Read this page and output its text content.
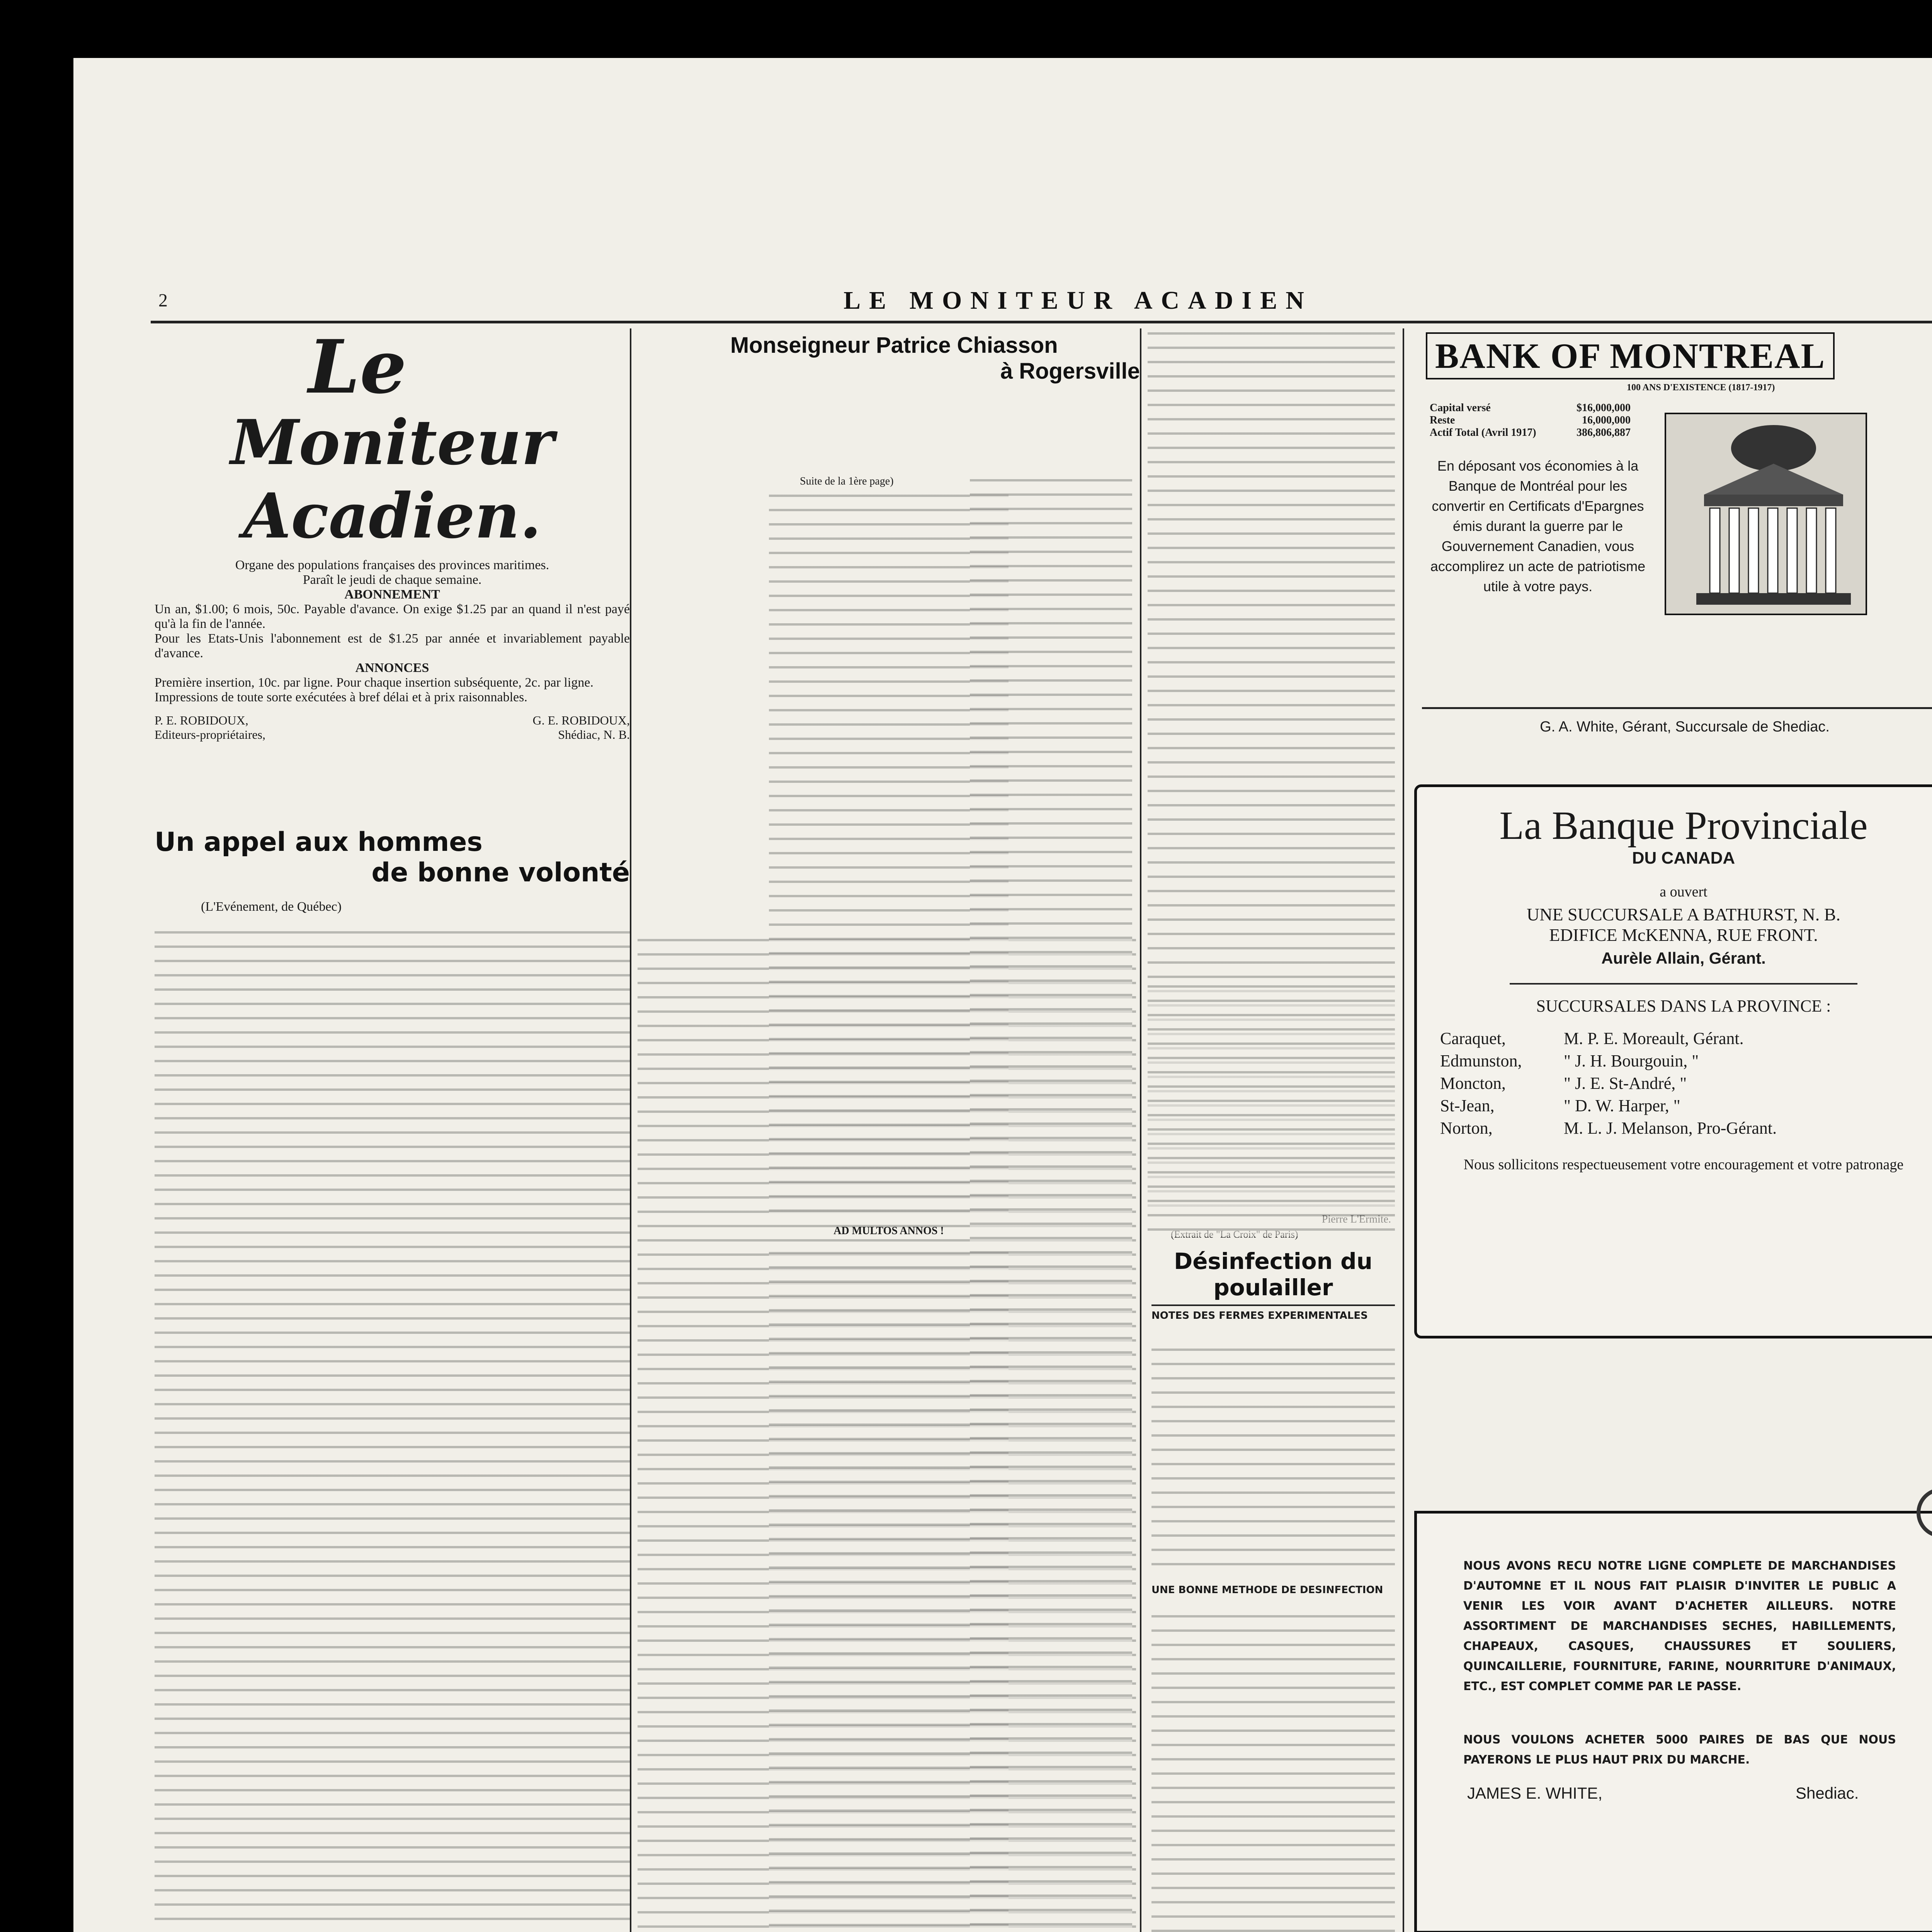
2	LE MONITEUR ACADIEN
Le
Moniteur Acadien.
Organe des populations françaises des provinces maritimes.
Paraît le jeudi de chaque semaine.
ABONNEMENT
Un an, $1.00; 6 mois, 50c. Payable d'avance. On exige $1.25 par an quand il n'est payé qu'à la fin de l'année.
Pour les Etats-Unis l'abonnement est de $1.25 par année et invariablement payable d'avance.
ANNONCES
Première insertion, 10c. par ligne. Pour chaque insertion subséquente, 2c. par ligne.
Impressions de toute sorte exécutées à bref délai et à prix raisonnables.
P. E. ROBIDOUX,	G. E. ROBIDOUX,
Editeurs-propriétaires,	Shédiac, N. B.
Un appel aux hommes
de bonne volonté
(L'Evénement, de Québec)
Monseigneur Patrice Chiasson
à Rogersville
Suite de la 1ère page)
AD MULTOS ANNOS !
Désinfection du
poulailler
NOTES DES FERMES EXPERIMENTALES
UNE BONNE METHODE DE DESINFECTION
BANK OF MONTREAL
100 ANS D'EXISTENCE (1817-1917)
Capital versé	$16,000,000
Reste	16,000,000
Actif Total (Avril 1917)	386,806,887
En déposant vos économies à la Banque de Montréal pour les convertir en Certificats d'Epargnes émis durant la guerre par le Gouvernement Canadien, vous accomplirez un acte de patriotisme utile à votre pays.
G. A. White, Gérant, Succursale de Shediac.
La Banque Provinciale
DU CANADA
a ouvert
UNE SUCCURSALE A BATHURST, N. B.
EDIFICE McKENNA, RUE FRONT.
Aurèle Allain, Gérant.
SUCCURSALES DANS LA PROVINCE :
Caraquet,	M. P. E. Moreault, Gérant.
Edmunston,	" J. H. Bourgouin, "
Moncton,	" J. E. St-André, "
St-Jean,	" D. W. Harper, "
Norton,	M. L. J. Melanson, Pro-Gérant.
Nous sollicitons respectueusement votre encouragement et votre patronage
NOUS AVONS RECU NOTRE LIGNE COMPLETE DE MARCHANDISES D'AUTOMNE ET IL NOUS FAIT PLAISIR D'INVITER LE PUBLIC A VENIR LES VOIR AVANT D'ACHETER AILLEURS. NOTRE ASSORTIMENT DE MARCHANDISES SECHES, HABILLEMENTS, CHAPEAUX, CASQUES, CHAUSSURES ET SOULIERS, QUINCAILLERIE, FOURNITURE, FARINE, NOURRITURE D'ANIMAUX, ETC., EST COMPLET COMME PAR LE PASSE.
NOUS VOULONS ACHETER 5000 PAIRES DE BAS QUE NOUS PAYERONS LE PLUS HAUT PRIX DU MARCHE.
JAMES E. WHITE,	Shediac.
